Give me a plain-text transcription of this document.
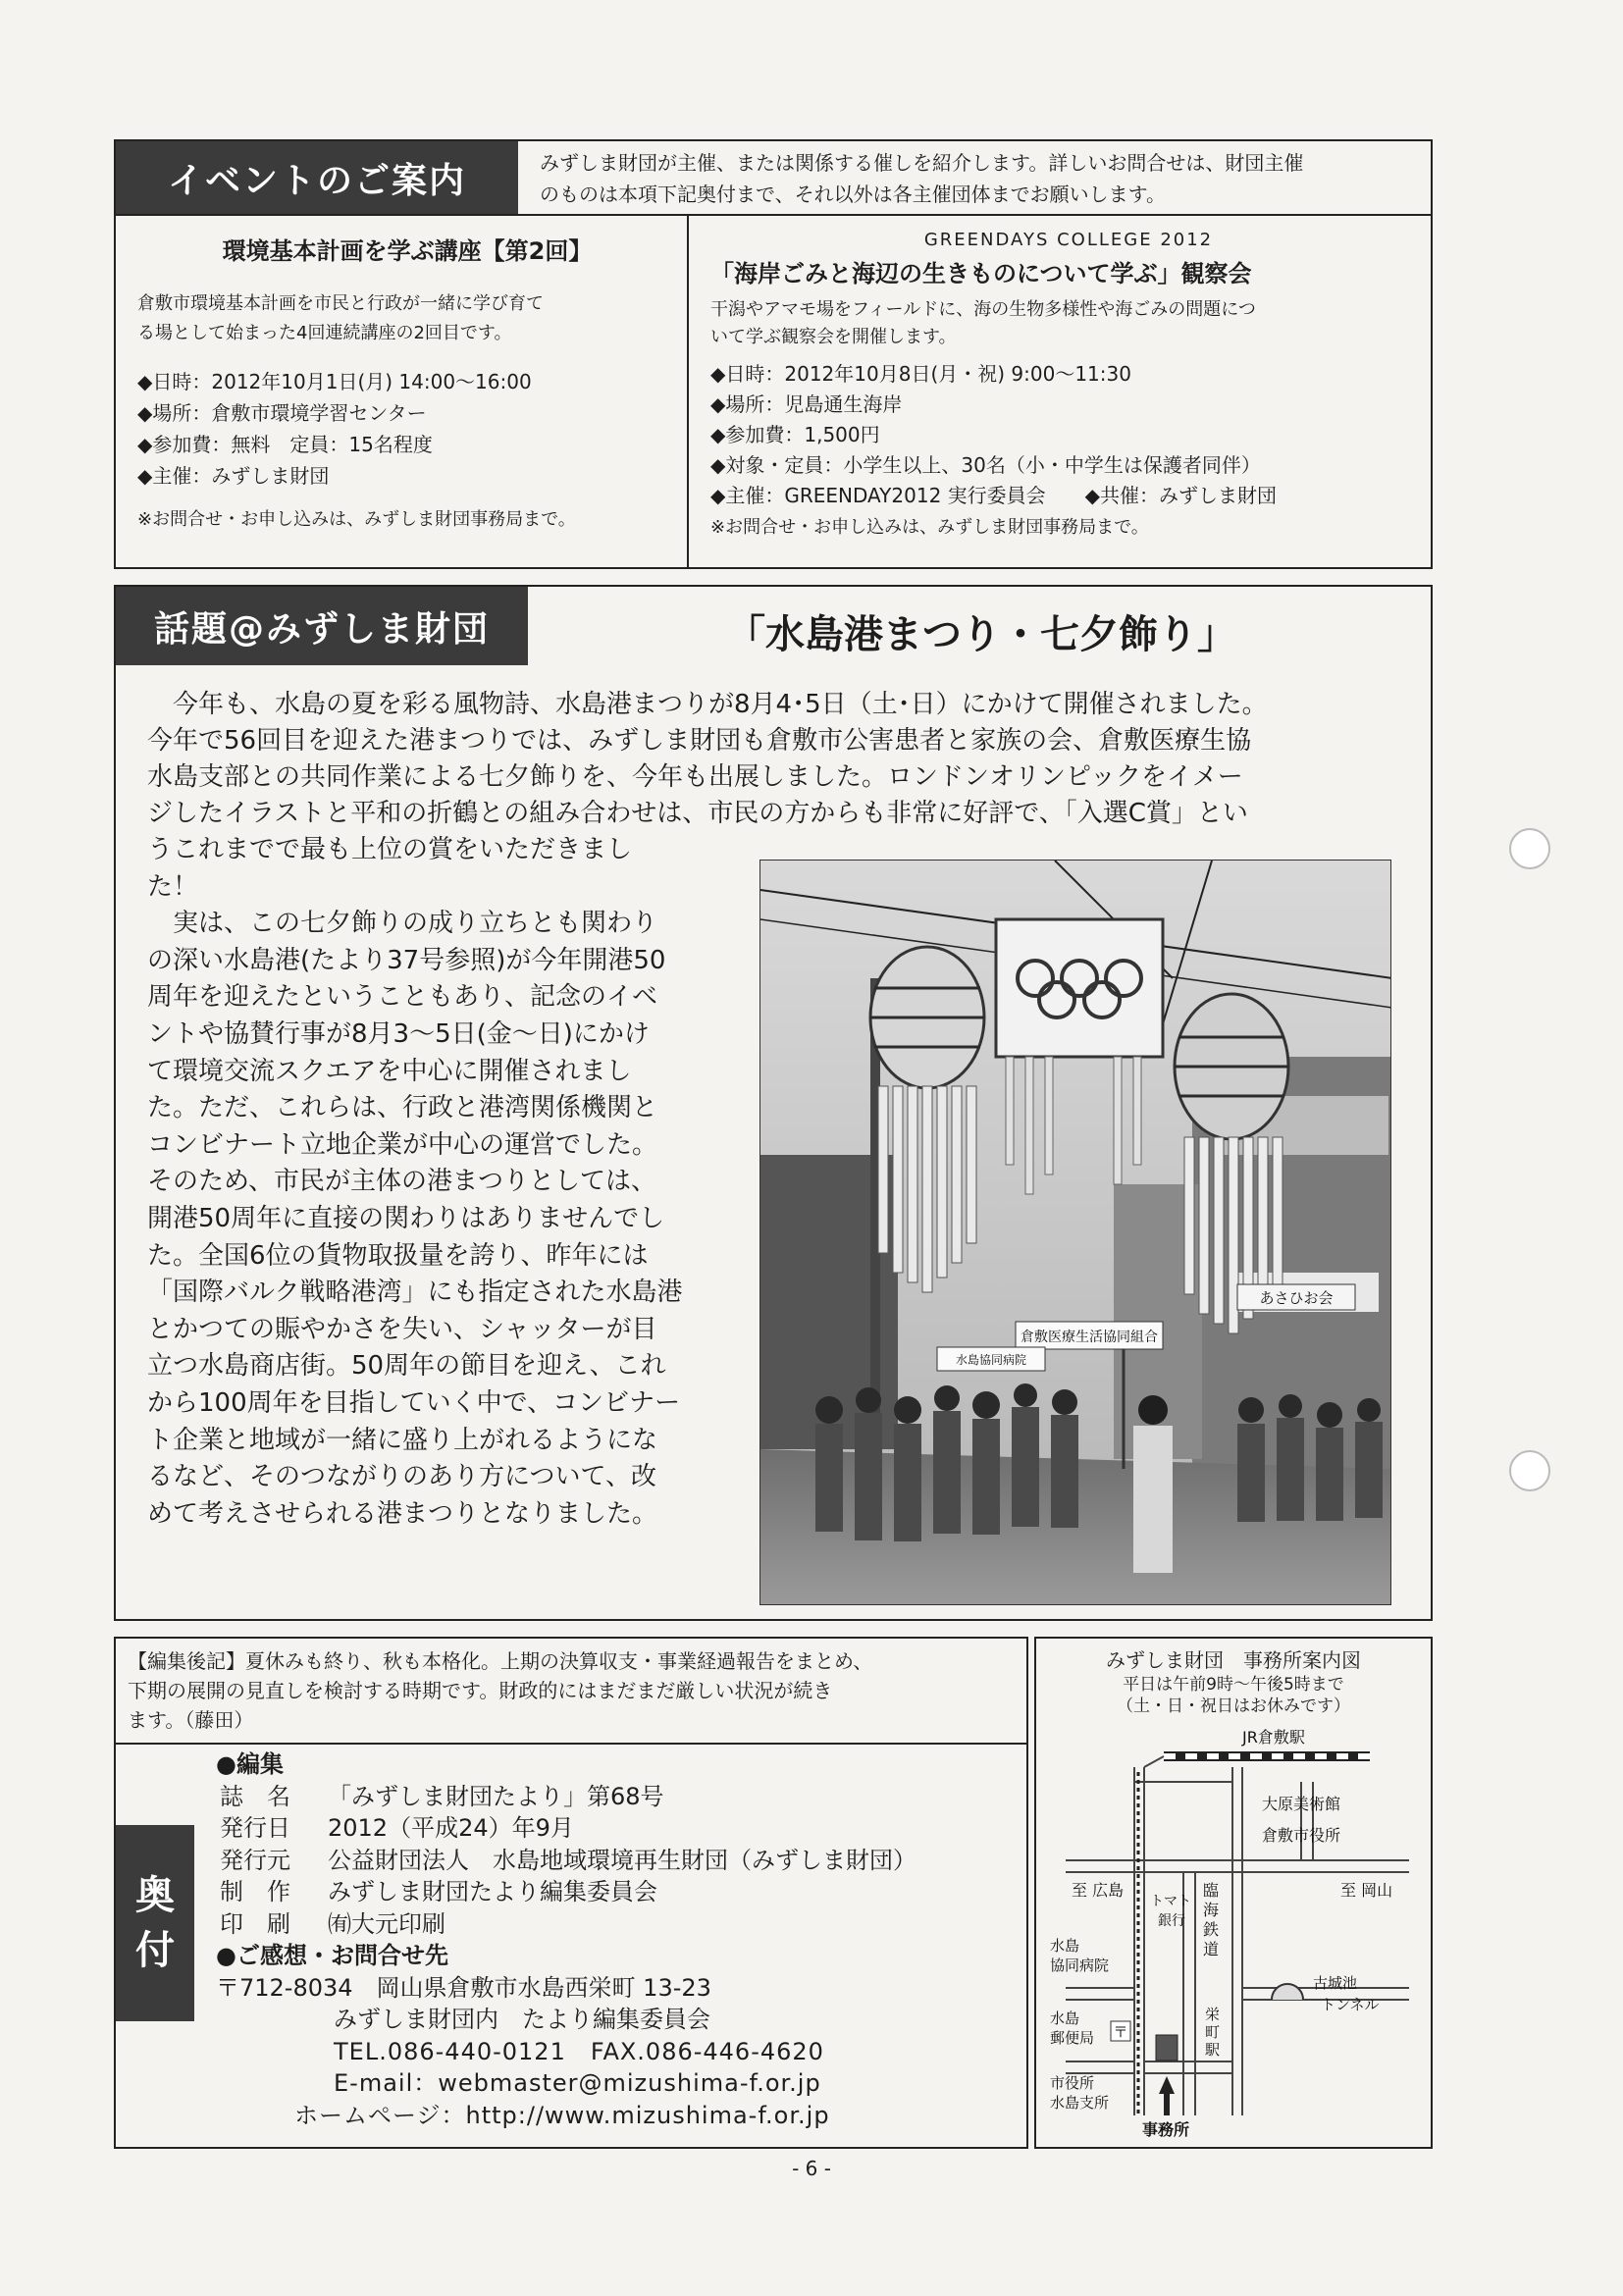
イベントのご案内	みずしま財団が主催、または関係する催しを紹介します。詳しいお問合せは、財団主催
のものは本項下記奥付まで、それ以外は各主催団体までお願いします。
環境基本計画を学ぶ講座【第2回】
倉敷市環境基本計画を市民と行政が一緒に学び育て
る場として始まった4回連続講座の2回目です。
◆日時：2012年10月1日(月) 14:00～16:00
◆場所：倉敷市環境学習センター
◆参加費：無料　定員：15名程度
◆主催：みずしま財団
※お問合せ・お申し込みは、みずしま財団事務局まで。
GREENDAYS COLLEGE 2012
「海岸ごみと海辺の生きものについて学ぶ」観察会
干潟やアマモ場をフィールドに、海の生物多様性や海ごみの問題につ
いて学ぶ観察会を開催します。
◆日時：2012年10月8日(月・祝) 9:00～11:30
◆場所：児島通生海岸
◆参加費：1,500円
◆対象・定員：小学生以上、30名（小・中学生は保護者同伴）
◆主催：GREENDAY2012 実行委員会　　◆共催：みずしま財団
※お問合せ・お申し込みは、みずしま財団事務局まで。
話題@みずしま財団	「水島港まつり・七夕飾り」
　今年も、水島の夏を彩る風物詩、水島港まつりが8月4･5日（土･日）にかけて開催されました。
今年で56回目を迎えた港まつりでは、みずしま財団も倉敷市公害患者と家族の会、倉敷医療生協
水島支部との共同作業による七夕飾りを、今年も出展しました。ロンドンオリンピックをイメー
ジしたイラストと平和の折鶴との組み合わせは、市民の方からも非常に好評で、「入選C賞」とい
うこれまでで最も上位の賞をいただきまし
た！
　実は、この七夕飾りの成り立ちとも関わり
の深い水島港(たより37号参照)が今年開港50
周年を迎えたということもあり、記念のイベ
ントや協賛行事が8月3～5日(金～日)にかけ
て環境交流スクエアを中心に開催されまし
た。ただ、これらは、行政と港湾関係機関と
コンビナート立地企業が中心の運営でした。
そのため、市民が主体の港まつりとしては、
開港50周年に直接の関わりはありませんでし
た。全国6位の貨物取扱量を誇り、昨年には
「国際バルク戦略港湾」にも指定された水島港
とかつての賑やかさを失い、シャッターが目
立つ水島商店街。50周年の節目を迎え、これ
から100周年を目指していく中で、コンビナー
ト企業と地域が一緒に盛り上がれるようにな
るなど、そのつながりのあり方について、改
めて考えさせられる港まつりとなりました。
倉敷医療生活協同組合
水島協同病院
あさひお会
【編集後記】夏休みも終り、秋も本格化。上期の決算収支・事業経過報告をまとめ、
下期の展開の見直しを検討する時期です。財政的にはまだまだ厳しい状況が続き
ます。（藤田）
奥
付
●編集
誌　名 「みずしま財団たより」第68号
発行日 2012（平成24）年9月
発行元 公益財団法人　水島地域環境再生財団（みずしま財団）
制　作 みずしま財団たより編集委員会
印　刷 ㈲大元印刷
●ご感想・お問合せ先
〒712-8034　 岡山県倉敷市水島西栄町 13-23
みずしま財団内　たより編集委員会
TEL.086-440-0121　FAX.086-446-4620
E-mail：webmaster@mizushima-f.or.jp
ホームページ：http://www.mizushima-f.or.jp
みずしま財団　事務所案内図
平日は午前9時～午後5時まで
（土・日・祝日はお休みです）
JR倉敷駅
大原美術館
倉敷市役所
至 広島	至 岡山
トマト銀行
臨海鉄道
水島協同病院
古城池トンネル
水島郵便局 〒
市役所水島支所
栄町駅
事務所
- 6 -
